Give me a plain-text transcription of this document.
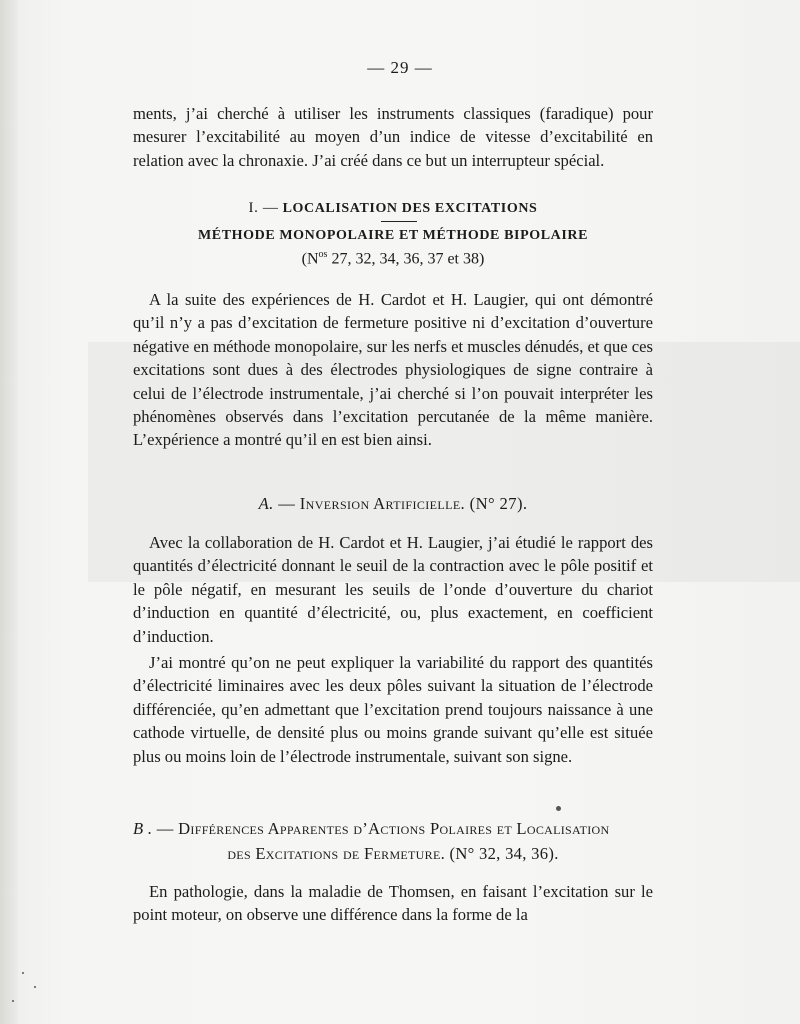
— 29 —

ments, j’ai cherché à utiliser les instruments classiques (faradique) pour mesurer l’excitabilité au moyen d’un indice de vitesse d’excitabilité en relation avec la chronaxie. J’ai créé dans ce but un interrupteur spécial.

I. — LOCALISATION DES EXCITATIONS
MÉTHODE MONOPOLAIRE ET MÉTHODE BIPOLAIRE
($N^{os}$ 27, 32, 34, 36, 37 et 38)

A la suite des expériences de H. Cardot et H. Laugier, qui ont démontré qu’il n’y a pas d’excitation de fermeture positive ni d’excitation d’ouverture négative en méthode monopolaire, sur les nerfs et muscles dénudés, et que ces excitations sont dues à des électrodes physiologiques de signe contraire à celui de l’électrode instrumentale, j’ai cherché si l’on pouvait interpréter les phénomènes observés dans l’excitation percutanée de la même manière. L’expérience a montré qu’il en est bien ainsi.

A. — Inversion Artificielle. (N° 27).

Avec la collaboration de H. Cardot et H. Laugier, j’ai étudié le rapport des quantités d’électricité donnant le seuil de la contraction avec le pôle positif et le pôle négatif, en mesurant les seuils de l’onde d’ouverture du chariot d’induction en quantité d’électricité, ou, plus exactement, en coefficient d’induction.

J’ai montré qu’on ne peut expliquer la variabilité du rapport des quantités d’électricité liminaires avec les deux pôles suivant la situation de l’électrode différenciée, qu’en admettant que l’excitation prend toujours naissance à une cathode virtuelle, de densité plus ou moins grande suivant qu’elle est située plus ou moins loin de l’électrode instrumentale, suivant son signe.

B . — Différences Apparentes d’Actions Polaires et Localisation
des Excitations de Fermeture. (N° 32, 34, 36).

En pathologie, dans la maladie de Thomsen, en faisant l’excitation sur le point moteur, on observe une différence dans la forme de la
